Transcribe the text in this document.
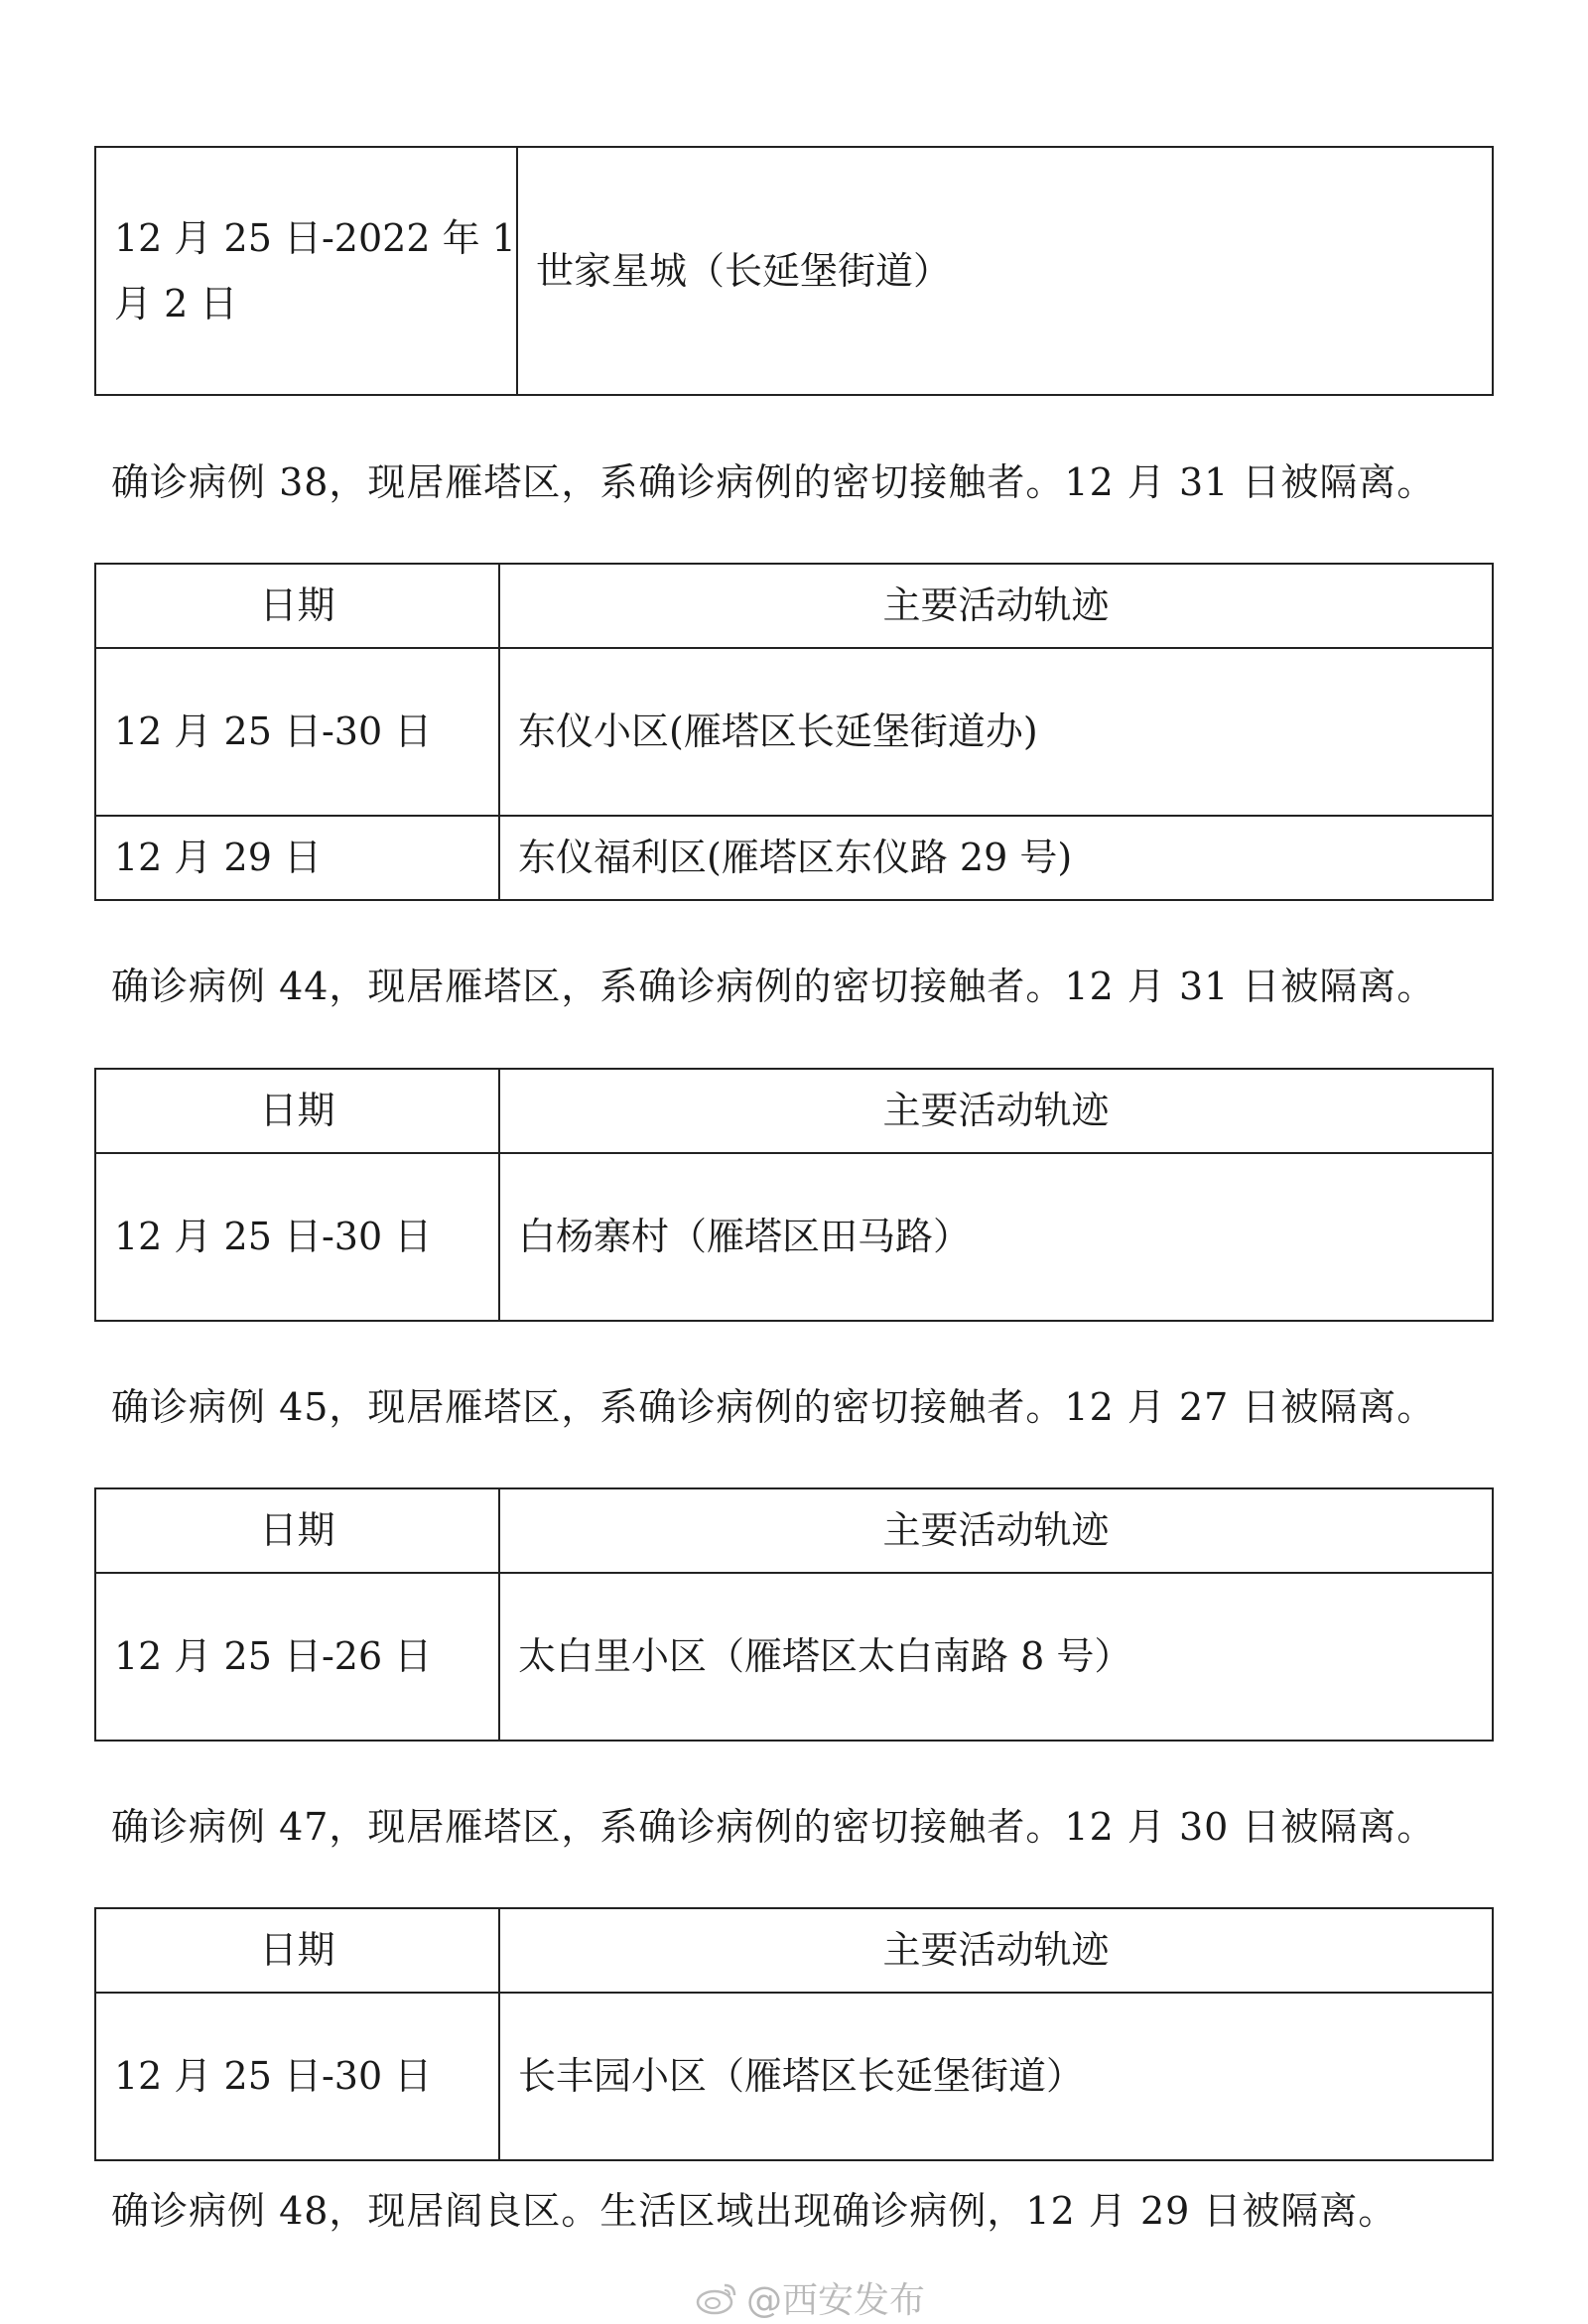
12 月 25 日-2022 年 1 月 2 日	世家星城（长延堡街道）
确诊病例 38，现居雁塔区，系确诊病例的密切接触者。12 月 31 日被隔离。
日期	主要活动轨迹
12 月 25 日-30 日	东仪小区(雁塔区长延堡街道办)
12 月 29 日	东仪福利区(雁塔区东仪路 29 号)
确诊病例 44，现居雁塔区，系确诊病例的密切接触者。12 月 31 日被隔离。
日期	主要活动轨迹
12 月 25 日-30 日	白杨寨村（雁塔区田马路）
确诊病例 45，现居雁塔区，系确诊病例的密切接触者。12 月 27 日被隔离。
日期	主要活动轨迹
12 月 25 日-26 日	太白里小区（雁塔区太白南路 8 号）
确诊病例 47，现居雁塔区，系确诊病例的密切接触者。12 月 30 日被隔离。
日期	主要活动轨迹
12 月 25 日-30 日	长丰园小区（雁塔区长延堡街道）
确诊病例 48，现居阎良区。生活区域出现确诊病例，12 月 29 日被隔离。
@西安发布
